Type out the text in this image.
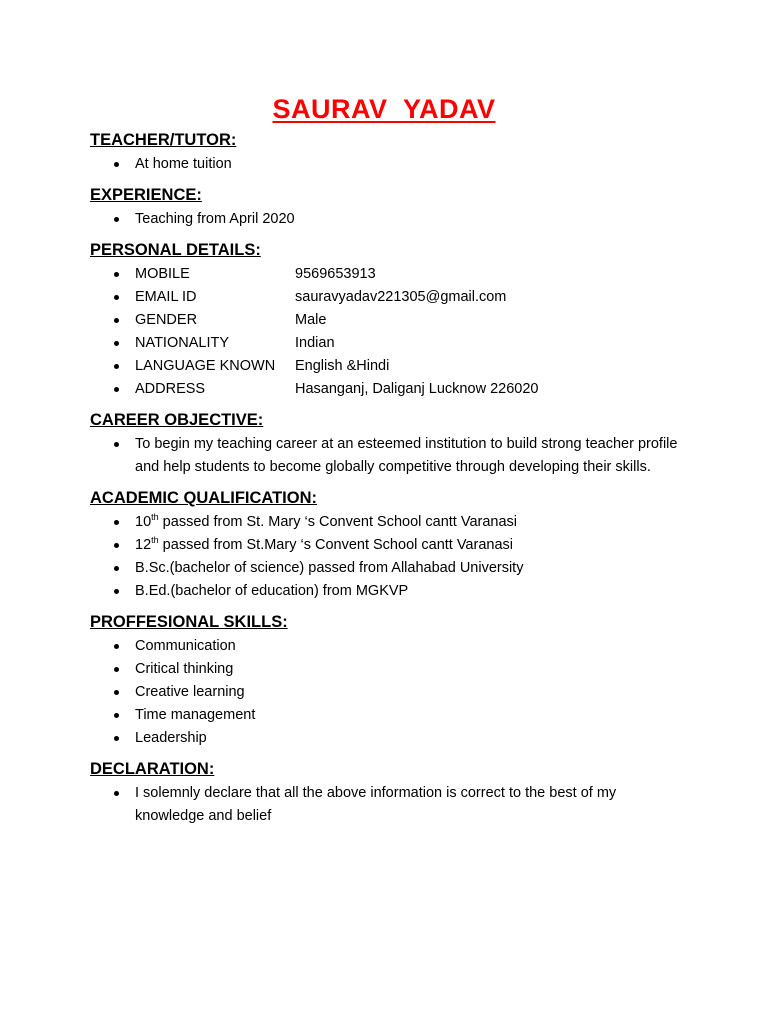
SAURAV  YADAV
TEACHER/TUTOR:
At home tuition
EXPERIENCE:
Teaching from April 2020
PERSONAL DETAILS:
MOBILE	9569653913
EMAIL ID	sauravyadav221305@gmail.com
GENDER	Male
NATIONALITY	Indian
LANGUAGE KNOWN English &Hindi
ADDRESS	Hasanganj, Daliganj Lucknow 226020
CAREER OBJECTIVE:
To begin my teaching career at an esteemed institution to build strong teacher profile and help students to become globally competitive through developing their skills.
ACADEMIC QUALIFICATION:
10th passed from St. Mary ‘s Convent School cantt Varanasi
12th passed from St.Mary ‘s Convent School cantt Varanasi
B.Sc.(bachelor of science) passed from Allahabad University
B.Ed.(bachelor of education) from MGKVP
PROFFESIONAL SKILLS:
Communication
Critical thinking
Creative learning
Time management
Leadership
DECLARATION:
I solemnly declare that all the above information is correct to the best of my knowledge and belief
